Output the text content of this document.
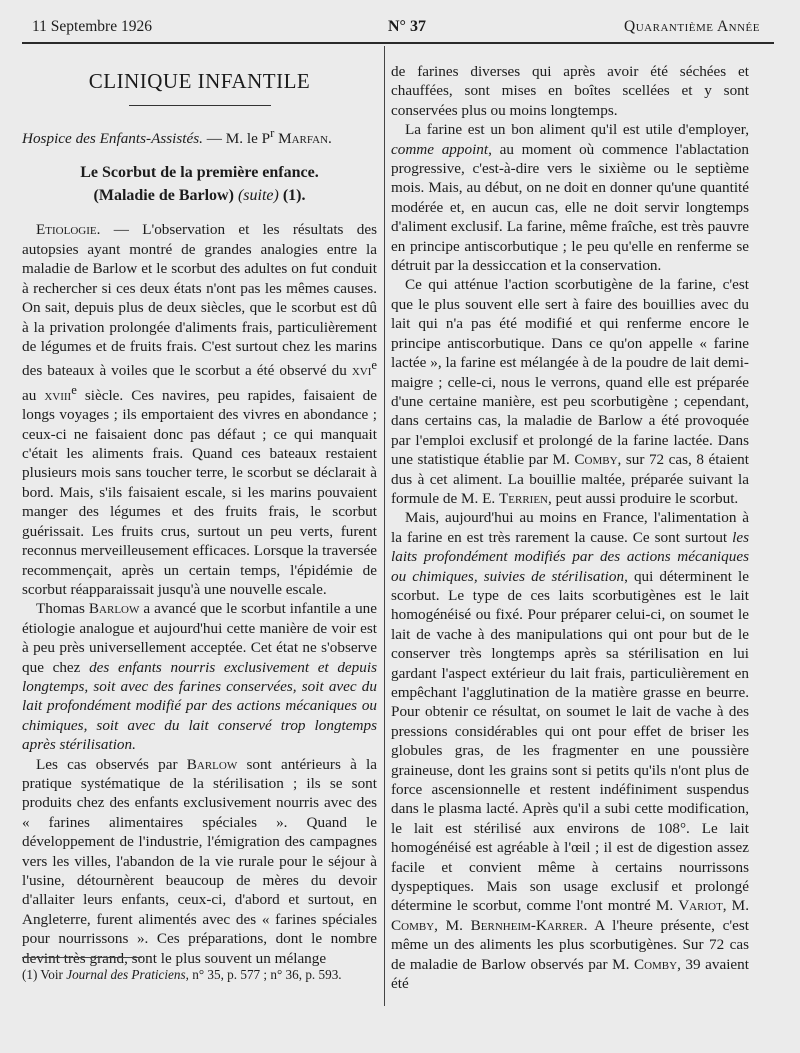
11 Septembre 1926	N° 37	Quarantième Année
CLINIQUE INFANTILE

Hospice des Enfants-Assistés. — M. le $P^r$ Marfan.

Le Scorbut de la première enfance.
(Maladie de Barlow) (suite) (1).

Etiologie. — L'observation et les résultats des autopsies ayant montré de grandes analogies entre la maladie de Barlow et le scorbut des adultes on fut conduit à rechercher si ces deux états n'ont pas les mêmes causes. On sait, depuis plus de deux siècles, que le scorbut est dû à la privation prolongée d'aliments frais, particulièrement de légumes et de fruits frais. C'est surtout chez les marins des bateaux à voiles que le scorbut a été observé du xvi$^e$ au xviii$^e$ siècle. Ces navires, peu rapides, faisaient de longs voyages ; ils emportaient des vivres en abondance ; ceux-ci ne faisaient donc pas défaut ; ce qui manquait c'était les aliments frais. Quand ces bateaux restaient plusieurs mois sans toucher terre, le scorbut se déclarait à bord. Mais, s'ils faisaient escale, si les marins pouvaient manger des légumes et des fruits frais, le scorbut guérissait. Les fruits crus, surtout un peu verts, furent reconnus merveilleusement efficaces. Lorsque la traversée recommençait, après un certain temps, l'épidémie de scorbut réapparaissait jusqu'à une nouvelle escale.

Thomas Barlow a avancé que le scorbut infantile a une étiologie analogue et aujourd'hui cette manière de voir est à peu près universellement acceptée. Cet état ne s'observe que chez des enfants nourris exclusivement et depuis longtemps, soit avec des farines conservées, soit avec du lait profondément modifié par des actions mécaniques ou chimiques, soit avec du lait conservé trop longtemps après stérilisation.

Les cas observés par Barlow sont antérieurs à la pratique systématique de la stérilisation ; ils se sont produits chez des enfants exclusivement nourris avec des « farines alimentaires spéciales ». Quand le développement de l'industrie, l'émigration des campagnes vers les villes, l'abandon de la vie rurale pour le séjour à l'usine, détournèrent beaucoup de mères du devoir d'allaiter leurs enfants, ceux-ci, d'abord et surtout, en Angleterre, furent alimentés avec des « farines spéciales pour nourrissons ». Ces préparations, dont le nombre devint très grand, sont le plus souvent un mélange

(1) Voir Journal des Praticiens, n° 35, p. 577 ; n° 36, p. 593.

de farines diverses qui après avoir été séchées et chauffées, sont mises en boîtes scellées et y sont conservées plus ou moins longtemps.

La farine est un bon aliment qu'il est utile d'employer, comme appoint, au moment où commence l'ablactation progressive, c'est-à-dire vers le sixième ou le septième mois. Mais, au début, on ne doit en donner qu'une quantité modérée et, en aucun cas, elle ne doit servir longtemps d'aliment exclusif. La farine, même fraîche, est très pauvre en principe antiscorbutique ; le peu qu'elle en renferme se détruit par la dessiccation et la conservation.

Ce qui atténue l'action scorbutigène de la farine, c'est que le plus souvent elle sert à faire des bouillies avec du lait qui n'a pas été modifié et qui renferme encore le principe antiscorbutique. Dans ce qu'on appelle « farine lactée », la farine est mélangée à de la poudre de lait demi-maigre ; celle-ci, nous le verrons, quand elle est préparée d'une certaine manière, est peu scorbutigène ; cependant, dans certains cas, la maladie de Barlow a été provoquée par l'emploi exclusif et prolongé de la farine lactée. Dans une statistique établie par M. Comby, sur 72 cas, 8 étaient dus à cet aliment. La bouillie maltée, préparée suivant la formule de M. E. Terrien, peut aussi produire le scorbut.

Mais, aujourd'hui au moins en France, l'alimentation à la farine en est très rarement la cause. Ce sont surtout les laits profondément modifiés par des actions mécaniques ou chimiques, suivies de stérilisation, qui déterminent le scorbut. Le type de ces laits scorbutigènes est le lait homogénéisé ou fixé. Pour préparer celui-ci, on soumet le lait de vache à des manipulations qui ont pour but de le conserver très longtemps après sa stérilisation en lui gardant l'aspect extérieur du lait frais, particulièrement en empêchant l'agglutination de la matière grasse en beurre. Pour obtenir ce résultat, on soumet le lait de vache à des pressions considérables qui ont pour effet de briser les globules gras, de les fragmenter en une poussière graineuse, dont les grains sont si petits qu'ils n'ont plus de force ascensionnelle et restent indéfiniment suspendus dans le plasma lacté. Après qu'il a subi cette modification, le lait est stérilisé aux environs de 108°. Le lait homogénéisé est agréable à l'œil ; il est de digestion assez facile et convient même à certains nourrissons dyspeptiques. Mais son usage exclusif et prolongé détermine le scorbut, comme l'ont montré M. Variot, M. Comby, M. Bernheim-Karrer. A l'heure présente, c'est même un des aliments les plus scorbutigènes. Sur 72 cas de maladie de Barlow observés par M. Comby, 39 avaient été
